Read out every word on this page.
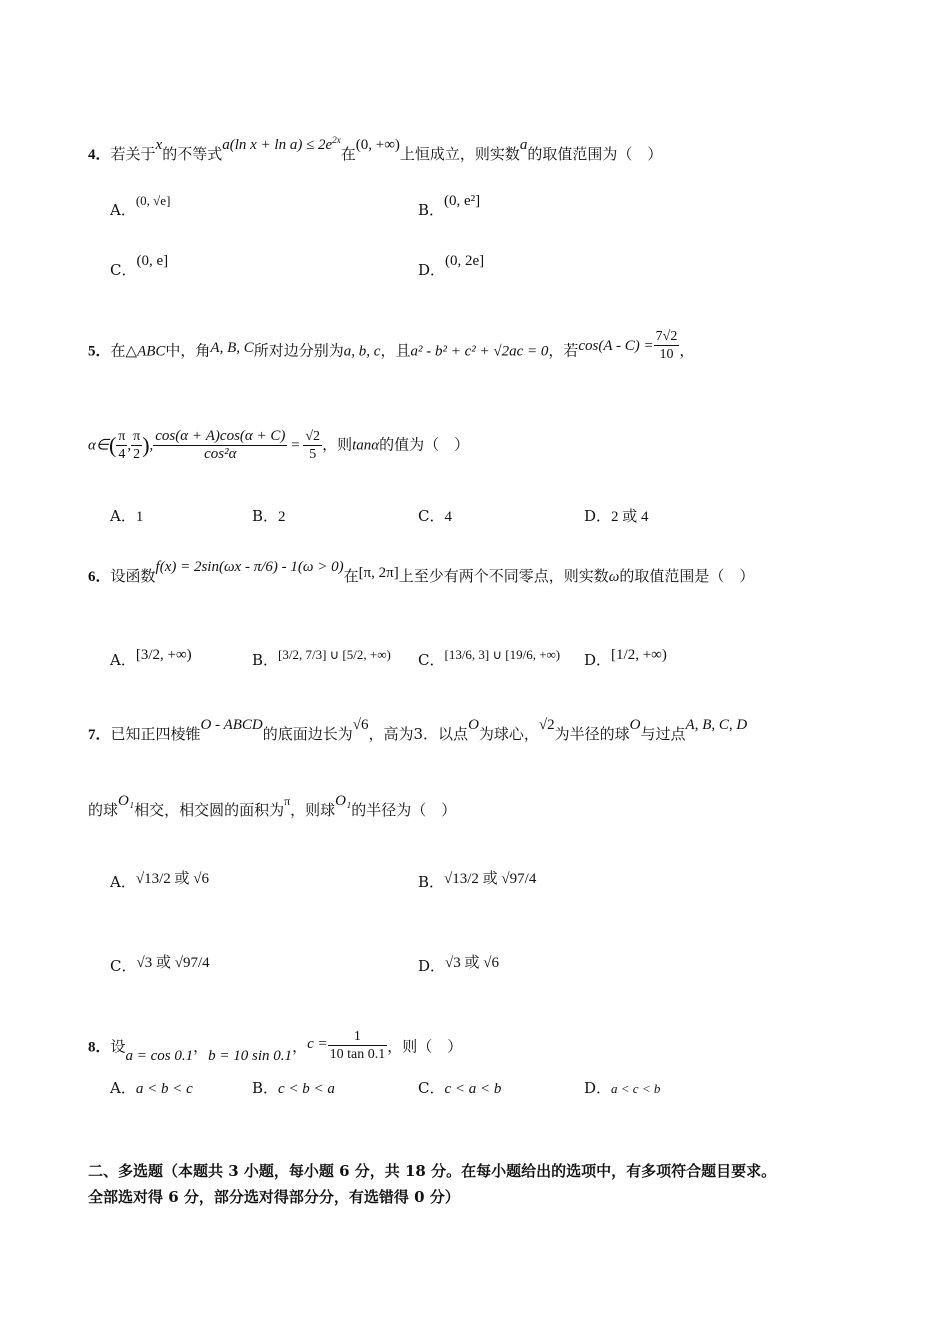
4．若关于x的不等式a(ln $x + \ln a) \le 2e^{2x}$在(0, +∞)上恒成立，则实数a的取值范围为（　）
A．(0, √e]
B．(0, e²]
C．(0, e]	D．(0, 2e]
5．在△ABC中，角A, B, C所对边分别为a, b, c，且a² - b² + c² + √2ac = 0，若$\cos(A - C) = \frac{7√2}{10}$ ，
α∈( $\frac{\pi}{4}$ , $\frac{\pi}{2}$ ), $\frac{\cos(\alpha + A)\cos(\alpha + C)}{\text{cos²α}} = \frac{√2}{5}$ ，则tanα的值为（　）
A．1	B．2	C．4	D．2 或 4
6．设函数f(x) = 2sin(ωx - π/6) - 1(ω > 0)在[π, 2π]上至少有两个不同零点，则实数ω的取值范围是（　）
A．[3/2, +∞)	B．[3/2, 7/3] ∪ [5/2, +∞) C．[13/6, 3] ∪ [19/6, +∞) D．[1/2, +∞)
7．已知正四棱锥O - ABCD的底面边长为√6，高为3．以点O为球心，√2为半径的球O与过点A, B, C, D
的球O₁相交，相交圆的面积为$^\pi$，则球O₁的半径为（　）
A．√13/2 或 √6	B．√13/2 或 √97/4
C．√3 或 √97/4	D．√3 或 √6
8．设a = cos 0.1，b = 10 sin 0.1，$c = \frac{1}{10 \tan 0.1}$ ，则（　）
A．a < b < c	B．c < b < a	C．c < a < b	D．a < c < b
二、多选题（本题共 3 小题，每小题 6 分，共 18 分。在每小题给出的选项中，有多项符合题目要求。
全部选对得 6 分，部分选对得部分分，有选错得 0 分）
